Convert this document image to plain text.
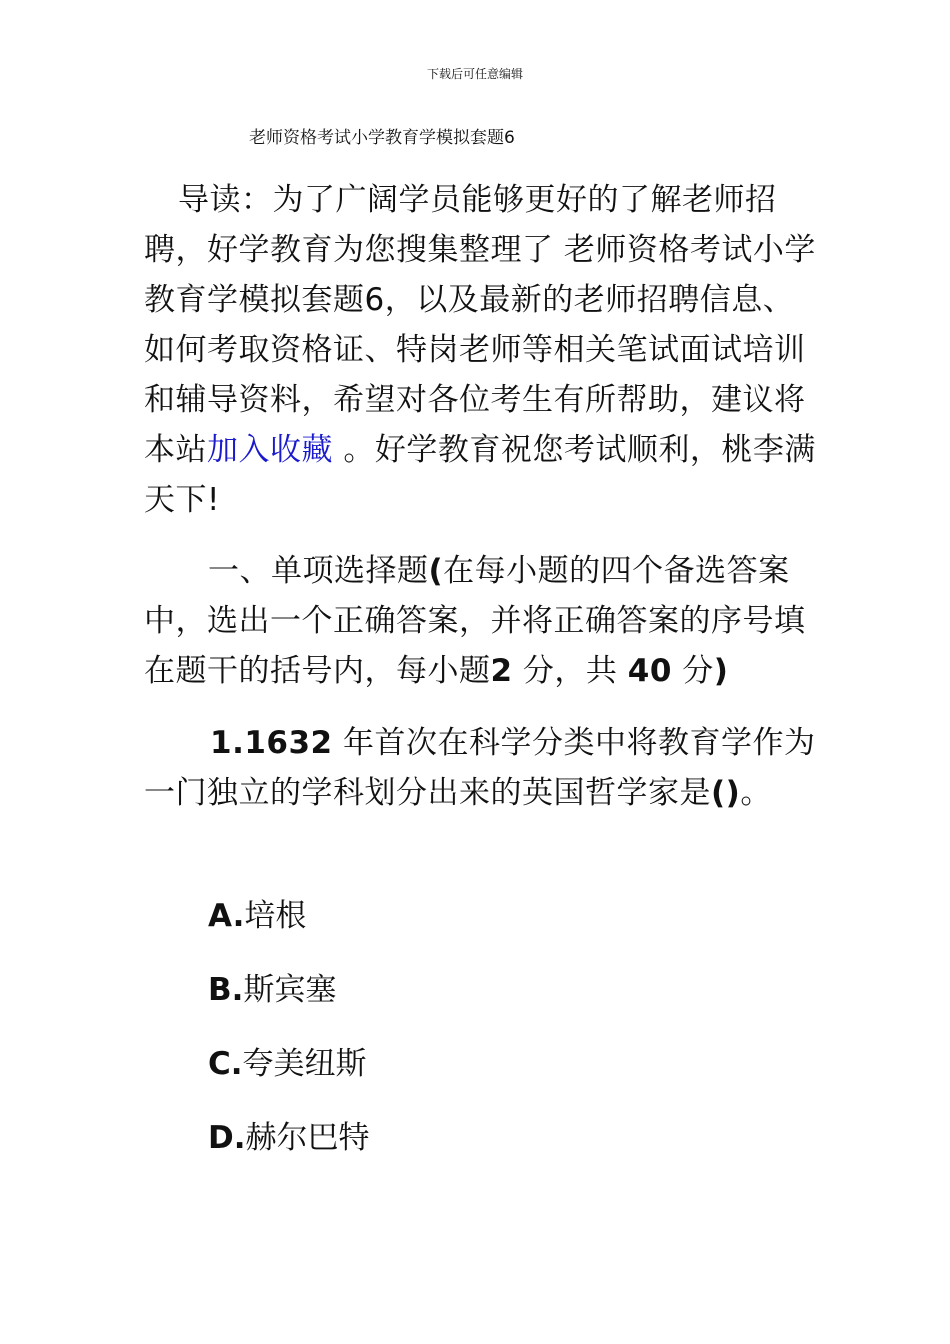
下载后可任意编辑
老师资格考试小学教育学模拟套题6
导读：为了广阔学员能够更好的了解老师招聘，好学教育为您搜集整理了 老师资格考试小学教育学模拟套题6，以及最新的老师招聘信息、如何考取资格证、特岗老师等相关笔试面试培训和辅导资料，希望对各位考生有所帮助，建议将本站加入收藏 。好学教育祝您考试顺利，桃李满天下!
一、单项选择题(在每小题的四个备选答案中，选出一个正确答案，并将正确答案的序号填在题干的括号内，每小题2 分，共 40 分)
1.1632 年首次在科学分类中将教育学作为一门独立的学科划分出来的英国哲学家是()。
A.培根
B.斯宾塞
C.夸美纽斯
D.赫尔巴特
